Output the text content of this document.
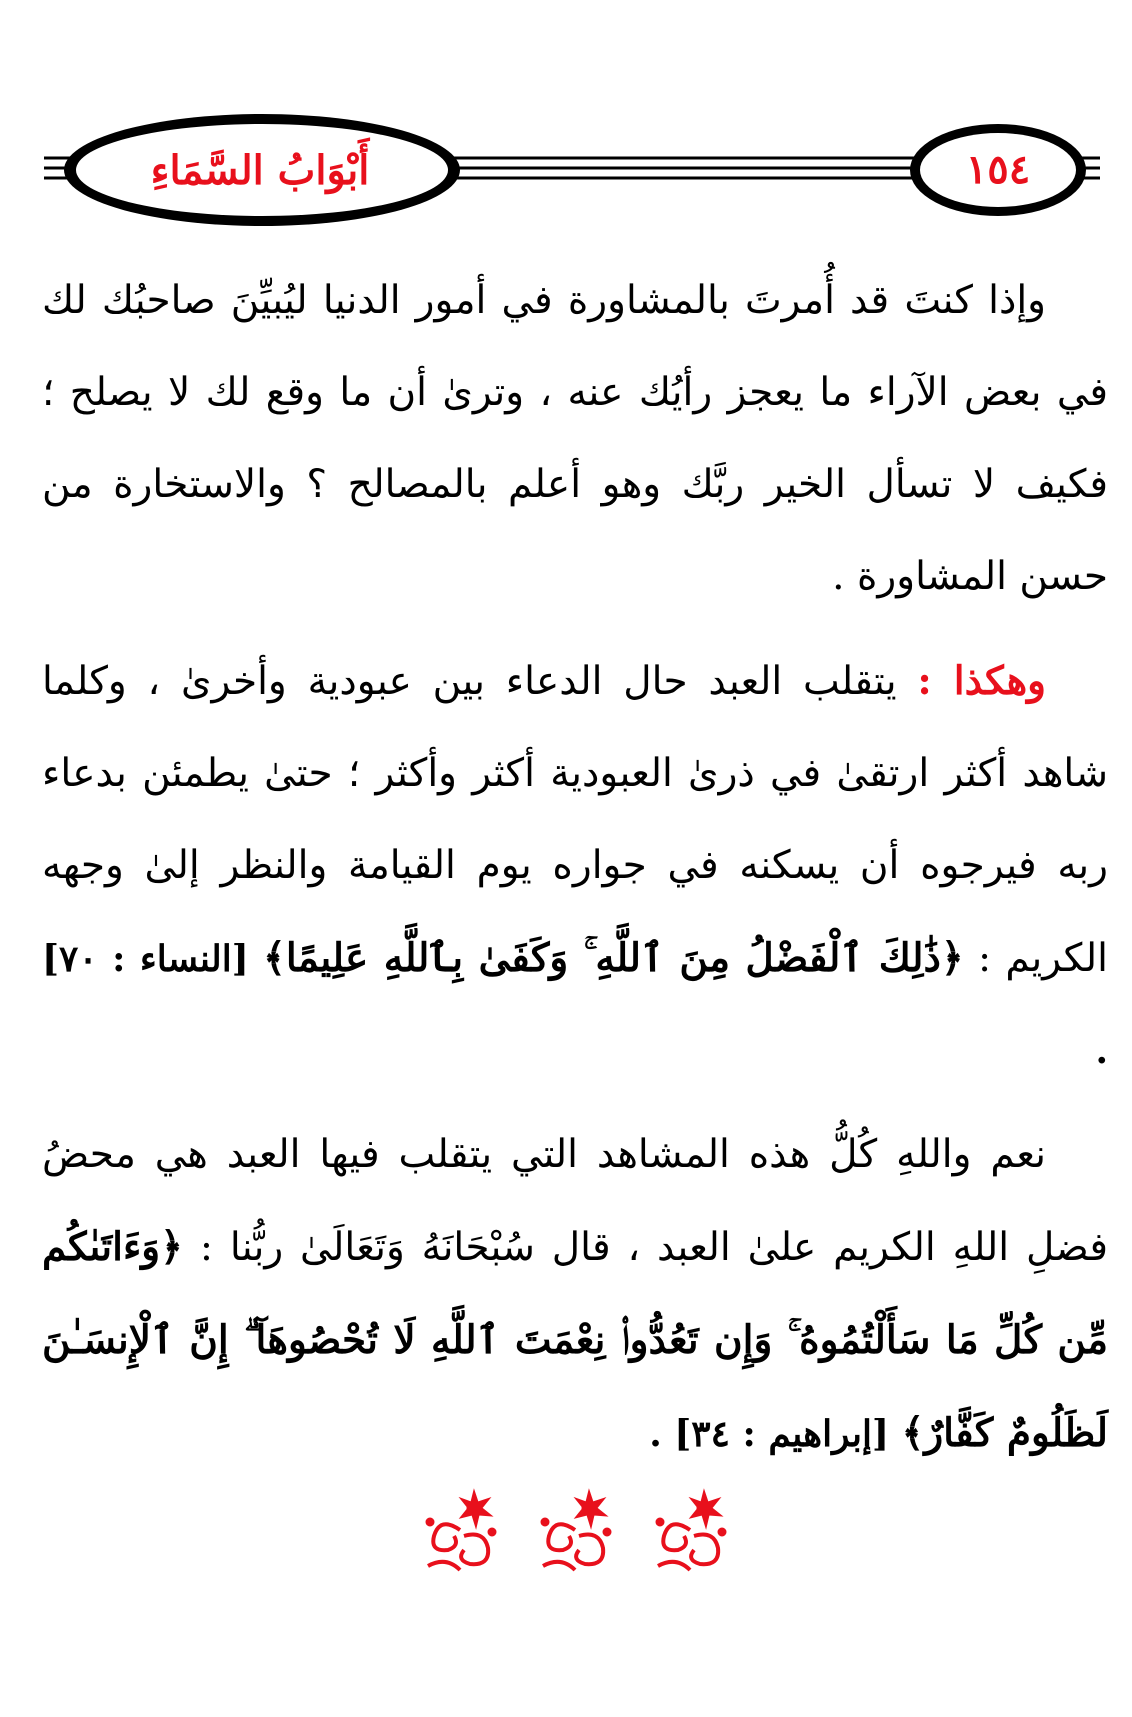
أَبْوَابُ السَّمَاءِ	١٥٤

وإذا كنتَ قد أُمرتَ بالمشاورة في أمور الدنيا ليُبيِّنَ صاحبُك لك في بعض الآراء ما يعجز رأيُك عنه ، وترىٰ أن ما وقع لك لا يصلح ؛ فكيف لا تسأل الخير ربَّك وهو أعلم بالمصالح ؟ والاستخارة من حسن المشاورة .

وهكذا : يتقلب العبد حال الدعاء بين عبودية وأخرىٰ ، وكلما شاهد أكثر ارتقىٰ في ذرىٰ العبودية أكثر وأكثر ؛ حتىٰ يطمئن بدعاء ربه فيرجوه أن يسكنه في جواره يوم القيامة والنظر إلىٰ وجهه الكريم : ﴿ذَٰلِكَ ٱلْفَضْلُ مِنَ ٱللَّهِ ۚ وَكَفَىٰ بِٱللَّهِ عَلِيمًا﴾ [النساء : ٧٠] .

نعم واللهِ كُلُّ هذه المشاهد التي يتقلب فيها العبد هي محضُ فضلِ اللهِ الكريم علىٰ العبد ، قال سُبْحَانَهُ وَتَعَالَىٰ ربُّنا : ﴿وَءَاتَىٰكُم مِّن كُلِّ مَا سَأَلْتُمُوهُ ۚ وَإِن تَعُدُّوا۟ نِعْمَتَ ٱللَّهِ لَا تُحْصُوهَآ ۗ إِنَّ ٱلْإِنسَـٰنَ لَظَلُومٌ كَفَّارٌ﴾ [إبراهيم : ٣٤] .
